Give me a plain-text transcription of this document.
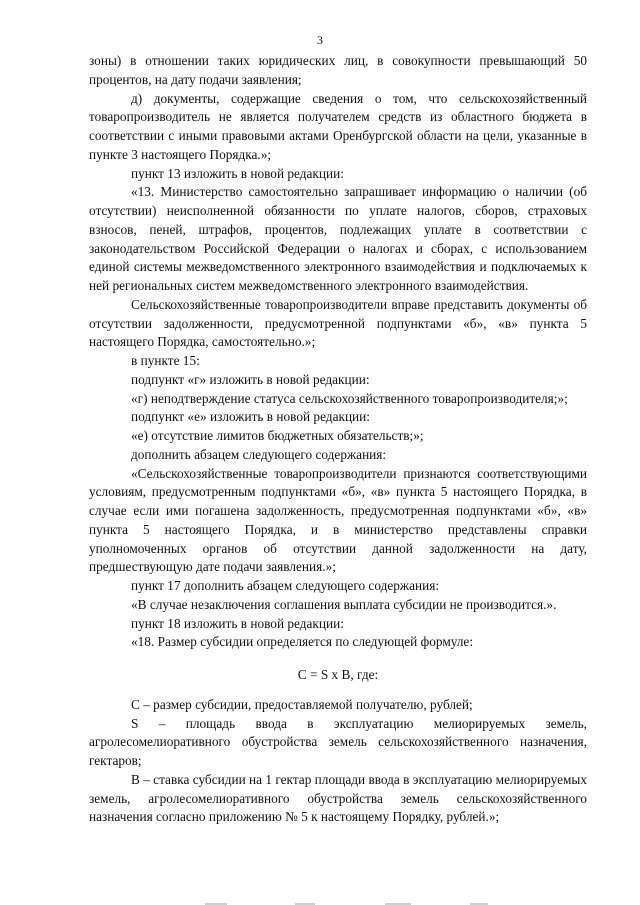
3

зоны) в отношении таких юридических лиц, в совокупности превышающий 50 процентов, на дату подачи заявления;

д) документы, содержащие сведения о том, что сельскохозяйственный товаропроизводитель не является получателем средств из областного бюджета в соответствии с иными правовыми актами Оренбургской области на цели, указанные в пункте 3 настоящего Порядка.»;

пункт 13 изложить в новой редакции:

«13. Министерство самостоятельно запрашивает информацию о наличии (об отсутствии) неисполненной обязанности по уплате налогов, сборов, страховых взносов, пеней, штрафов, процентов, подлежащих уплате в соответствии с законодательством Российской Федерации о налогах и сборах, с использованием единой системы межведомственного электронного взаимодействия и подключаемых к ней региональных систем межведомственного электронного взаимодействия.

Сельскохозяйственные товаропроизводители вправе представить документы об отсутствии задолженности, предусмотренной подпунктами «б», «в» пункта 5 настоящего Порядка, самостоятельно.»;

в пункте 15:

подпункт «г» изложить в новой редакции:

«г) неподтверждение статуса сельскохозяйственного товаропроизводителя;»;

подпункт «е» изложить в новой редакции:

«е) отсутствие лимитов бюджетных обязательств;»;

дополнить абзацем следующего содержания:

«Сельскохозяйственные товаропроизводители признаются соответствующими условиям, предусмотренным подпунктами «б», «в» пункта 5 настоящего Порядка, в случае если ими погашена задолженность, предусмотренная подпунктами «б», «в» пункта 5 настоящего Порядка, и в министерство представлены справки уполномоченных органов об отсутствии данной задолженности на дату, предшествующую дате подачи заявления.»;

пункт 17 дополнить абзацем следующего содержания:

«В случае незаключения соглашения выплата субсидии не производится.».

пункт 18 изложить в новой редакции:

«18. Размер субсидии определяется по следующей формуле:

C = S x B, где:

C – размер субсидии, предоставляемой получателю, рублей;

S – площадь ввода в эксплуатацию мелиорируемых земель, агролесомелиоративного обустройства земель сельскохозяйственного назначения, гектаров;

B – ставка субсидии на 1 гектар площади ввода в эксплуатацию мелиорируемых земель, агролесомелиоративного обустройства земель сельскохозяйственного назначения согласно приложению № 5 к настоящему Порядку, рублей.»;
